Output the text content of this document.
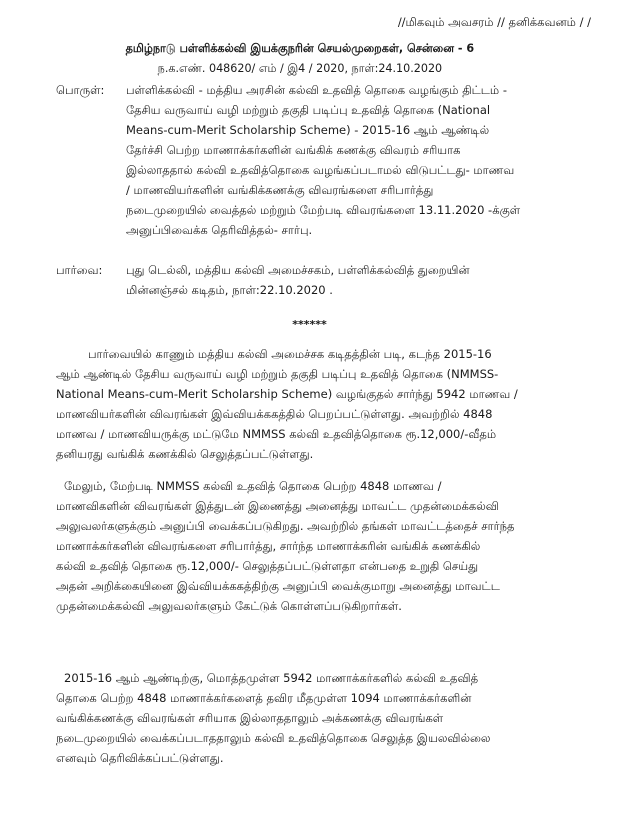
//மிகவும் அவசரம் // தனிக்கவனம் / /
தமிழ்நாடு பள்ளிக்கல்வி இயக்குநரின் செயல்முறைகள், சென்னை - 6
ந.க.எண். 048620/ எம் / இ4 / 2020, நாள்:24.10.2020
பொருள்: பள்ளிக்கல்வி - மத்திய அரசின் கல்வி உதவித் தொகை வழங்கும் திட்டம் -
தேசிய வருவாய் வழி மற்றும் தகுதி படிப்பு உதவித் தொகை (National
Means-cum-Merit Scholarship Scheme) - 2015-16 ஆம் ஆண்டில்
தேர்ச்சி பெற்ற மாணாக்கர்களின் வங்கிக் கணக்கு விவரம் சரியாக
இல்லாததால் கல்வி உதவித்தொகை வழங்கப்படாமல் விடுபட்டது- மாணவ
/ மாணவியர்களின் வங்கிக்கணக்கு விவரங்களை சரிபார்த்து
நடைமுறையில் வைத்தல் மற்றும் மேற்படி விவரங்களை 13.11.2020 -க்குள்
அனுப்பிவைக்க தெரிவித்தல்- சார்பு.
பார்வை: புது டெல்லி, மத்திய கல்வி அமைச்சகம், பள்ளிக்கல்வித் துறையின்
மின்னஞ்சல் கடிதம், நாள்:22.10.2020 .
******
பார்வையில் காணும் மத்திய கல்வி அமைச்சக கடிதத்தின் படி, கடந்த 2015-16
ஆம் ஆண்டில் தேசிய வருவாய் வழி மற்றும் தகுதி படிப்பு உதவித் தொகை (NMMSS-
National Means-cum-Merit Scholarship Scheme) வழங்குதல் சார்ந்து 5942 மாணவ /
மாணவியர்களின் விவரங்கள் இவ்வியக்ககத்தில் பெறப்பட்டுள்ளது. அவற்றில் 4848
மாணவ / மாணவியருக்கு மட்டுமே NMMSS கல்வி உதவித்தொகை ரூ.12,000/-வீதம்
தனியரது வங்கிக் கணக்கில் செலுத்தப்பட்டுள்ளது.
மேலும், மேற்படி NMMSS கல்வி உதவித் தொகை பெற்ற 4848 மாணவ /
மாணவிகளின் விவரங்கள் இத்துடன் இணைத்து அனைத்து மாவட்ட முதன்மைக்கல்வி
அலுவலர்களுக்கும் அனுப்பி வைக்கப்படுகிறது. அவற்றில் தங்கள் மாவட்டத்தைச் சார்ந்த
மாணாக்கர்களின் விவரங்களை சரிபார்த்து, சார்ந்த மாணாக்கரின் வங்கிக் கணக்கில்
கல்வி உதவித் தொகை ரூ.12,000/- செலுத்தப்பட்டுள்ளதா என்பதை உறுதி செய்து
அதன் அறிக்கையினை இவ்வியக்ககத்திற்கு அனுப்பி வைக்குமாறு அனைத்து மாவட்ட
முதன்மைக்கல்வி அலுவலர்களும் கேட்டுக் கொள்ளப்படுகிறார்கள்.
2015-16 ஆம் ஆண்டிற்கு, மொத்தமுள்ள 5942 மாணாக்கர்களில் கல்வி உதவித்
தொகை பெற்ற 4848 மாணாக்கர்களைத் தவிர மீதமுள்ள 1094 மாணாக்கர்களின்
வங்கிக்கணக்கு விவரங்கள் சரியாக இல்லாததாலும் அக்கணக்கு விவரங்கள்
நடைமுறையில் வைக்கப்படாததாலும் கல்வி உதவித்தொகை செலுத்த இயலவில்லை
எனவும் தெரிவிக்கப்பட்டுள்ளது.
